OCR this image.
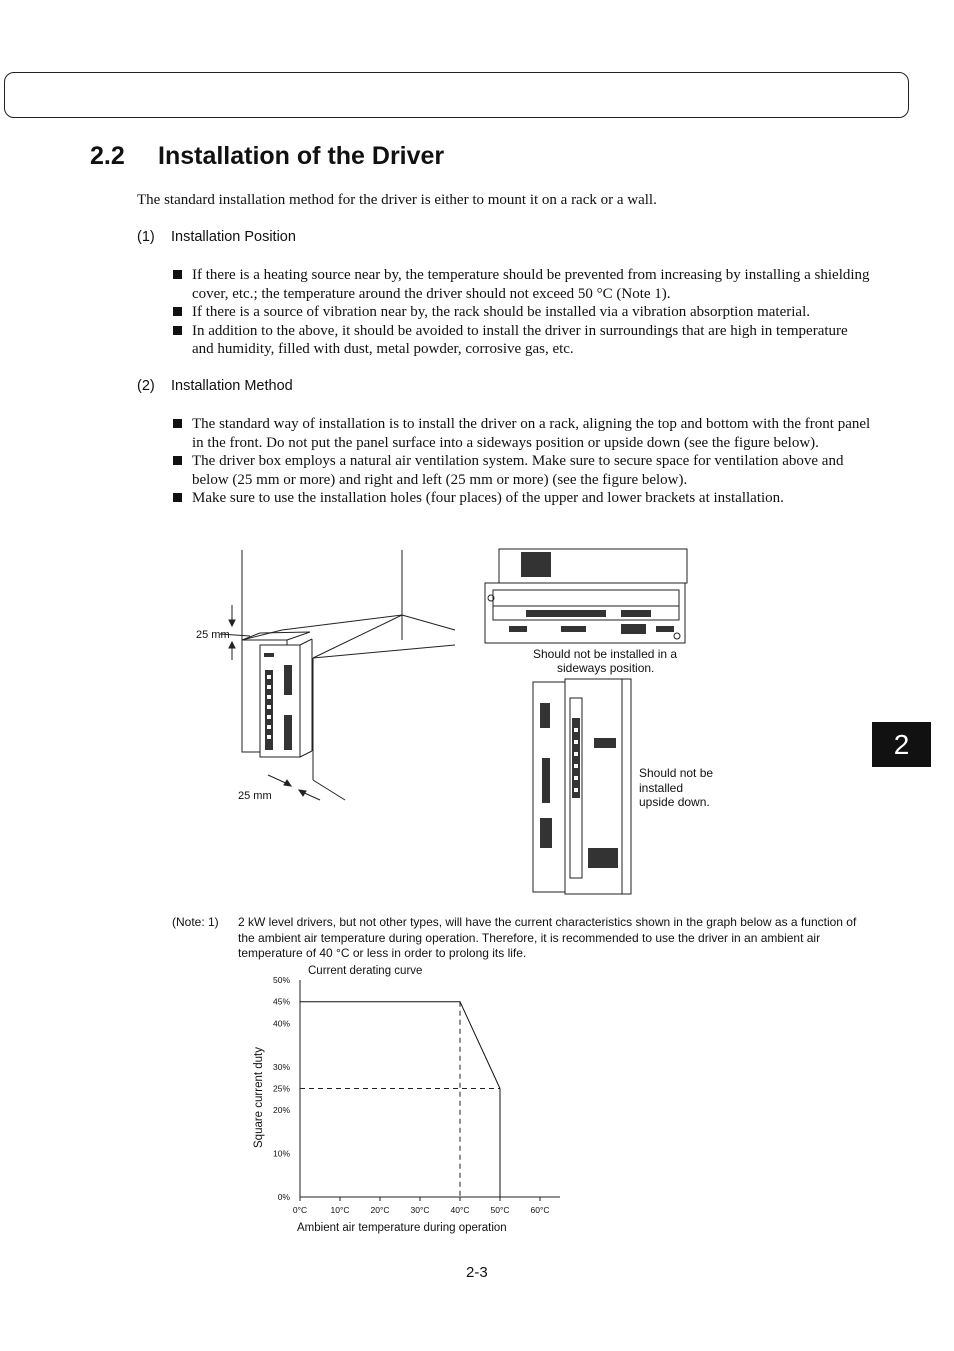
2.2 Installation of the Driver
The standard installation method for the driver is either to mount it on a rack or a wall.
(1) Installation Position
If there is a heating source near by, the temperature should be prevented from increasing by installing a shielding cover, etc.; the temperature around the driver should not exceed 50 °C (Note 1).
If there is a source of vibration near by, the rack should be installed via a vibration absorption material.
In addition to the above, it should be avoided to install the driver in surroundings that are high in temperature and humidity, filled with dust, metal powder, corrosive gas, etc.
(2) Installation Method
The standard way of installation is to install the driver on a rack, aligning the top and bottom with the front panel in the front. Do not put the panel surface into a sideways position or upside down (see the figure below).
The driver box employs a natural air ventilation system. Make sure to secure space for ventilation above and below (25 mm or more) and right and left (25 mm or more) (see the figure below).
Make sure to use the installation holes (four places) of the upper and lower brackets at installation.
25 mm
25 mm
Should not be installed in a
sideways position.
Should not be
installed
upside down.
2
(Note: 1) 2 kW level drivers, but not other types, will have the current characteristics shown in the graph below as a function of the ambient air temperature during operation. Therefore, it is recommended to use the driver in an ambient air temperature of 40 °C or less in order to prolong its life.
Current derating curve
Square current duty
Ambient air temperature during operation
0%
10%
20%
25%
30%
40%
45%
50%
0°C	10°C 20°C 30°C 40°C 50°C 60°C
2-3
